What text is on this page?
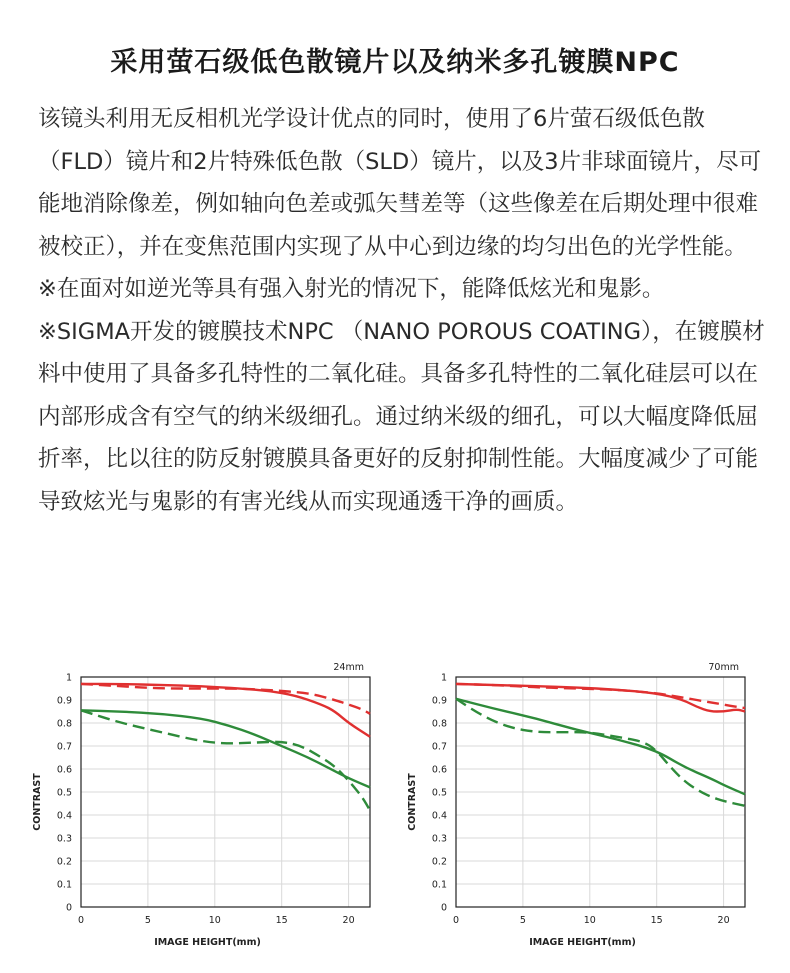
采用萤石级低色散镜片以及纳米多孔镀膜NPC

该镜头利用无反相机光学设计优点的同时，使用了6片萤石级低色散（FLD）镜片和2片特殊低色散（SLD）镜片，以及3片非球面镜片，尽可能地消除像差，例如轴向色差或弧矢彗差等（这些像差在后期处理中很难被校正），并在变焦范围内实现了从中心到边缘的均匀出色的光学性能。

※在面对如逆光等具有强入射光的情况下，能降低炫光和鬼影。

※SIGMA开发的镀膜技术NPC （NANO POROUS COATING），在镀膜材料中使用了具备多孔特性的二氧化硅。具备多孔特性的二氧化硅层可以在内部形成含有空气的纳米级细孔。通过纳米级的细孔，可以大幅度降低屈折率，比以往的防反射镀膜具备更好的反射抑制性能。大幅度减少了可能导致炫光与鬼影的有害光线从而实现通透干净的画质。

0
0.1
0.2
0.3
0.4
0.5
0.6
0.7
0.8
0.9
1
0	5	10	15	20
24mm
IMAGE HEIGHT(mm)
CONTRAST
0
0.1
0.2
0.3
0.4
0.5
0.6
0.7
0.8
0.9
1
0	5	10	15	20
70mm
IMAGE HEIGHT(mm)
CONTRAST
